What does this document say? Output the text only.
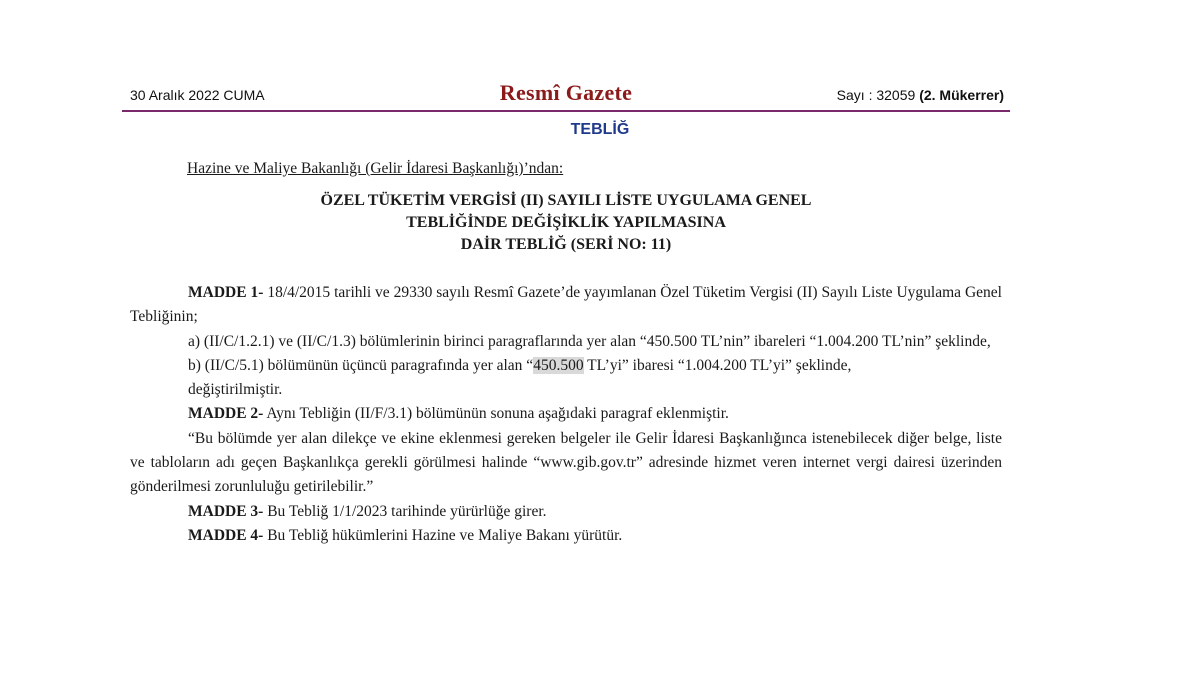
30 Aralık 2022 CUMA	Resmî Gazete	Sayı : 32059 (2. Mükerrer)
TEBLİĞ
Hazine ve Maliye Bakanlığı (Gelir İdaresi Başkanlığı)’ndan:
ÖZEL TÜKETİM VERGİSİ (II) SAYILI LİSTE UYGULAMA GENEL
TEBLİĞİNDE DEĞİŞİKLİK YAPILMASINA
DAİR TEBLİĞ (SERİ NO: 11)
MADDE 1- 18/4/2015 tarihli ve 29330 sayılı Resmî Gazete’de yayımlanan Özel Tüketim Vergisi (II) Sayılı Liste Uygulama Genel Tebliğinin;
a) (II/C/1.2.1) ve (II/C/1.3) bölümlerinin birinci paragraflarında yer alan “450.500 TL’nin” ibareleri “1.004.200 TL’nin” şeklinde,
b) (II/C/5.1) bölümünün üçüncü paragrafında yer alan “450.500 TL’yi” ibaresi “1.004.200 TL’yi” şeklinde,
değiştirilmiştir.
MADDE 2- Aynı Tebliğin (II/F/3.1) bölümünün sonuna aşağıdaki paragraf eklenmiştir.
“Bu bölümde yer alan dilekçe ve ekine eklenmesi gereken belgeler ile Gelir İdaresi Başkanlığınca istenebilecek diğer belge, liste ve tabloların adı geçen Başkanlıkça gerekli görülmesi halinde “www.gib.gov.tr” adresinde hizmet veren internet vergi dairesi üzerinden gönderilmesi zorunluluğu getirilebilir.”
MADDE 3- Bu Tebliğ 1/1/2023 tarihinde yürürlüğe girer.
MADDE 4- Bu Tebliğ hükümlerini Hazine ve Maliye Bakanı yürütür.
